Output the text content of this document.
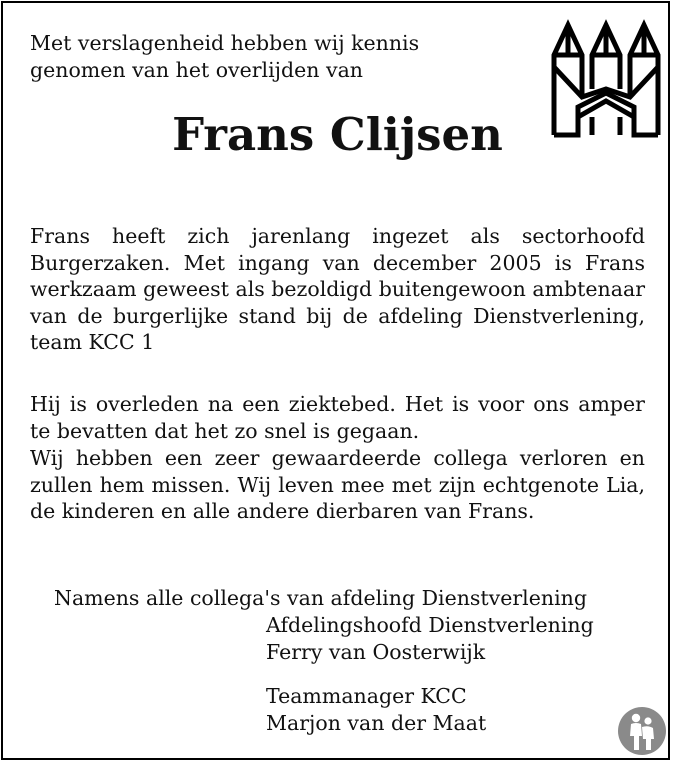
Met verslagenheid hebben wij kennis
genomen van het overlijden van

Frans Clijsen

Frans heeft zich jarenlang ingezet als sectorhoofd Burgerzaken. Met ingang van december 2005 is Frans werkzaam geweest als bezoldigd buitengewoon ambtenaar van de burgerlijke stand bij de afdeling Dienstverlening, team KCC 1

Hij is overleden na een ziektebed. Het is voor ons amper te bevatten dat het zo snel is gegaan.

Wij hebben een zeer gewaardeerde collega verloren en zullen hem missen. Wij leven mee met zijn echtgenote Lia, de kinderen en alle andere dierbaren van Frans.

Namens alle collega's van afdeling Dienstverlening

Afdelingshoofd Dienstverlening

Ferry van Oosterwijk

Teammanager KCC

Marjon van der Maat
